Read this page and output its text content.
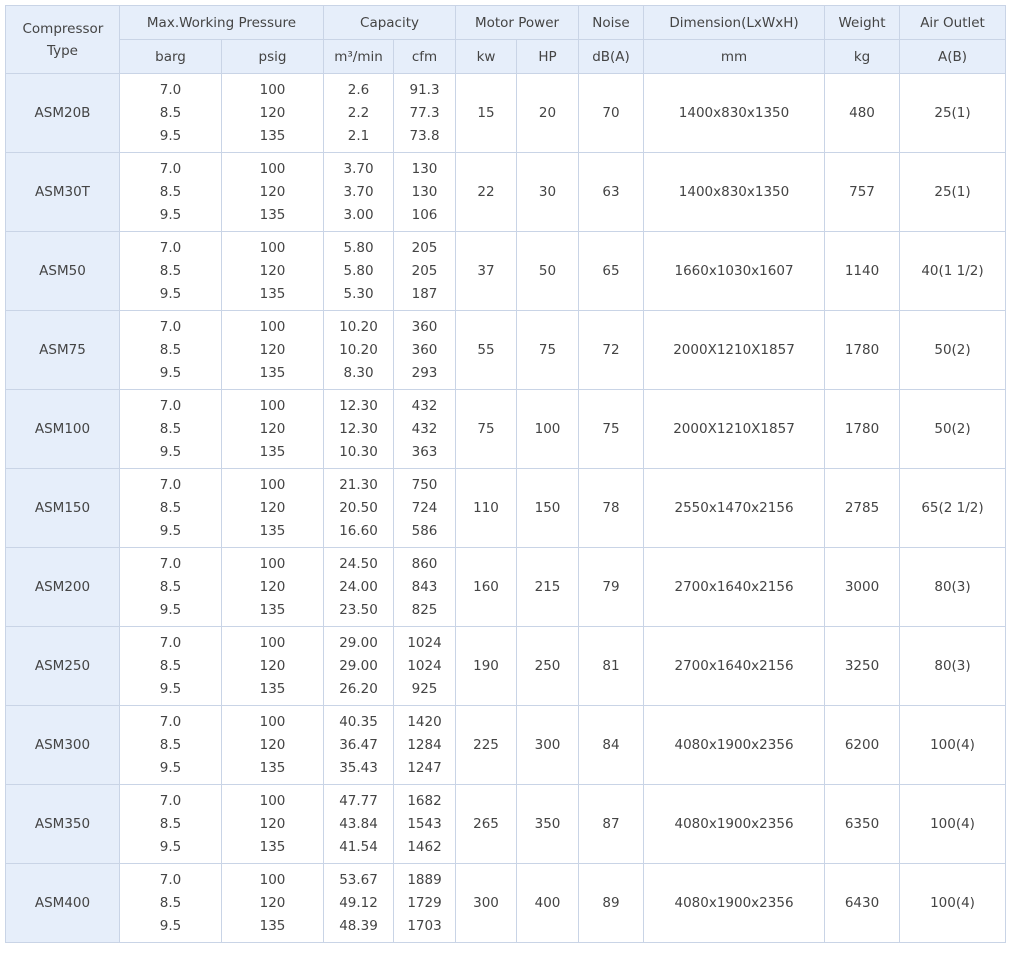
Compressor Type	Max.Working Pressure		Capacity		Motor Power		Noise	Dimension(LxWxH)	Weight	Air Outlet
	barg	psig	m³/min	cfm	kw	HP	dB(A)	mm	kg	A(B)
ASM20B	7.0
8.5
9.5	100
120
135	2.6
2.2
2.1	91.3
77.3
73.8	15	20	70	1400x830x1350	480	25(1)
ASM30T	7.0
8.5
9.5	100
120
135	3.70
3.70
3.00	130
130
106	22	30	63	1400x830x1350	757	25(1)
ASM50	7.0
8.5
9.5	100
120
135	5.80
5.80
5.30	205
205
187	37	50	65	1660x1030x1607	1140	40(1 1/2)
ASM75	7.0
8.5
9.5	100
120
135	10.20
10.20
8.30	360
360
293	55	75	72	2000X1210X1857	1780	50(2)
ASM100	7.0
8.5
9.5	100
120
135	12.30
12.30
10.30	432
432
363	75	100	75	2000X1210X1857	1780	50(2)
ASM150	7.0
8.5
9.5	100
120
135	21.30
20.50
16.60	750
724
586	110	150	78	2550x1470x2156	2785	65(2 1/2)
ASM200	7.0
8.5
9.5	100
120
135	24.50
24.00
23.50	860
843
825	160	215	79	2700x1640x2156	3000	80(3)
ASM250	7.0
8.5
9.5	100
120
135	29.00
29.00
26.20	1024
1024
925	190	250	81	2700x1640x2156	3250	80(3)
ASM300	7.0
8.5
9.5	100
120
135	40.35
36.47
35.43	1420
1284
1247	225	300	84	4080x1900x2356	6200	100(4)
ASM350	7.0
8.5
9.5	100
120
135	47.77
43.84
41.54	1682
1543
1462	265	350	87	4080x1900x2356	6350	100(4)
ASM400	7.0
8.5
9.5	100
120
135	53.67
49.12
48.39	1889
1729
1703	300	400	89	4080x1900x2356	6430	100(4)
